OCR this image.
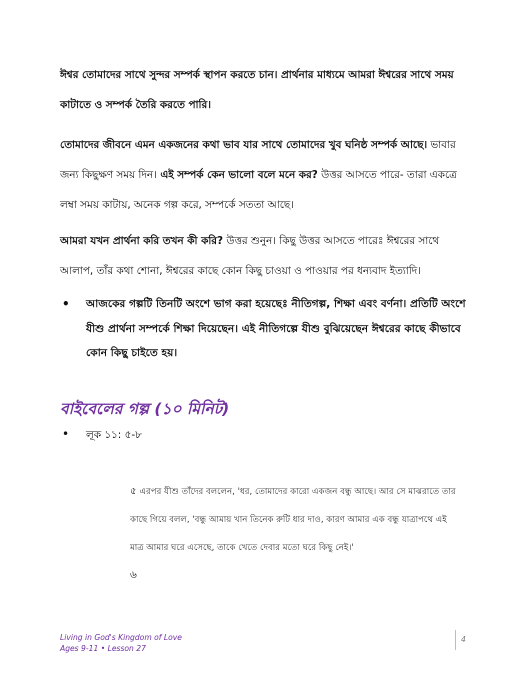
ঈশ্বর তোমাদের সাথে সুন্দর সম্পর্ক স্থাপন করতে চান। প্রার্থনার মাধ্যমে আমরা ঈশ্বরের সাথে সময় কাটাতে ও সম্পর্ক তৈরি করতে পারি।

তোমাদের জীবনে এমন একজনের কথা ভাব যার সাথে তোমাদের খুব ঘনিষ্ঠ সম্পর্ক আছে। ভাবার জন্য কিছুক্ষণ সময় দিন। এই সম্পর্ক কেন ভালো বলে মনে কর? উত্তর আসতে পারে- তারা একত্রে লম্বা সময় কাটায়, অনেক গল্প করে, সম্পর্কে সততা আছে।

আমরা যখন প্রার্থনা করি তখন কী করি? উত্তর শুনুন। কিছু উত্তর আসতে পারেঃ ঈশ্বরের সাথে আলাপ, তাঁর কথা শোনা, ঈশ্বরের কাছে কোন কিছু চাওয়া ও পাওয়ার পর ধন্যবাদ ইত্যাদি।

• আজকের গল্পটি তিনটি অংশে ভাগ করা হয়েছেঃ নীতিগল্প, শিক্ষা এবং বর্ণনা। প্রতিটি অংশে যীশু প্রার্থনা সম্পর্কে শিক্ষা দিয়েছেন। এই নীতিগল্পে যীশু বুঝিয়েছেন ঈশ্বরের কাছে কীভাবে কোন কিছু চাইতে হয়।
বাইবেলের গল্প (১০ মিনিট)
• লূক ১১: ৫-৮
৫ এরপর যীশু তাঁদের বললেন, 'ধর, তোমাদের কারো একজন বন্ধু আছে। আর সে মাঝরাতে তার কাছে গিয়ে বলল, 'বন্ধু আমায় খান তিনেক রুটি ধার দাও, কারণ আমার এক বন্ধু যাত্রাপথে এই মাত্র আমার ঘরে এসেছে, তাকে খেতে দেবার মতো ঘরে কিছু নেই।'
৬
Living in God's Kingdom of Love
Ages 9-11 • Lesson 27
4
